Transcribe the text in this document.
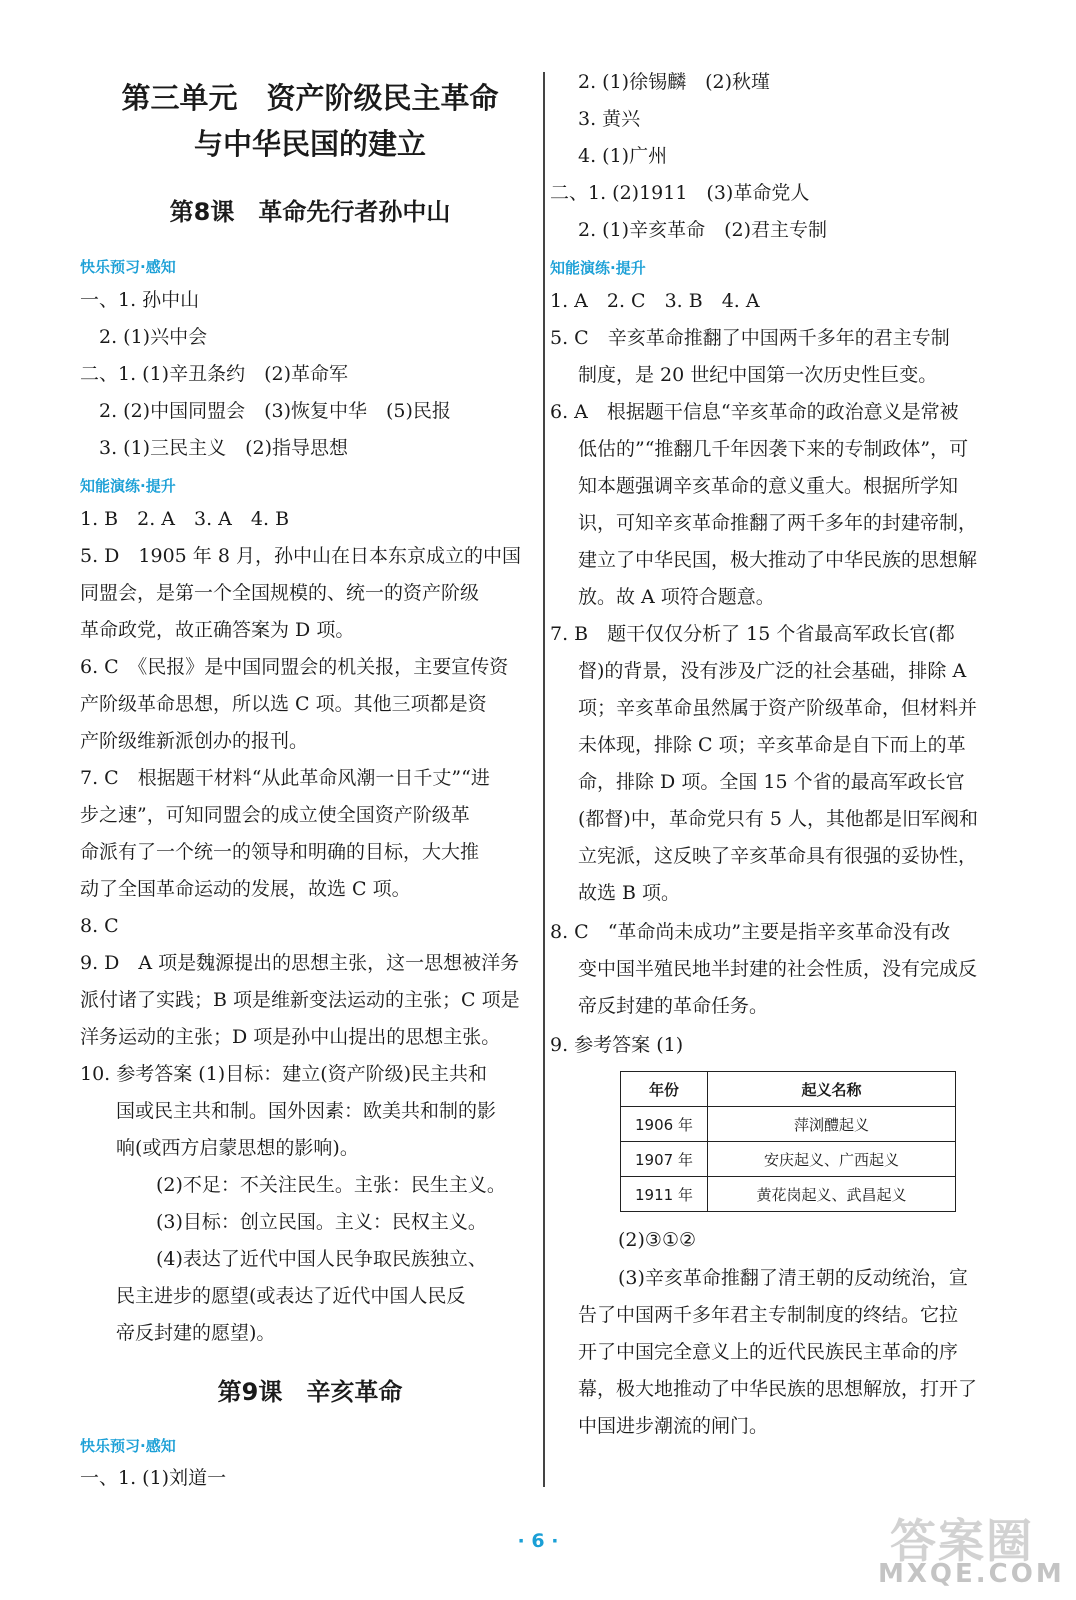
第三单元　资产阶级民主革命
与中华民国的建立
第8课　革命先行者孙中山
快乐预习·感知
一、1. 孙中山
　2. (1)兴中会
二、1. (1)辛丑条约　(2)革命军
　2. (2)中国同盟会　(3)恢复中华　(5)民报
　3. (1)三民主义　(2)指导思想
知能演练·提升
1. B　2. A　3. A　4. B
5. D　1905 年 8 月，孙中山在日本东京成立的中国
同盟会，是第一个全国规模的、统一的资产阶级
革命政党，故正确答案为 D 项。
6. C　《民报》是中国同盟会的机关报，主要宣传资
产阶级革命思想，所以选 C 项。其他三项都是资
产阶级维新派创办的报刊。
7. C　根据题干材料“从此革命风潮一日千丈”“进
步之速”，可知同盟会的成立使全国资产阶级革
命派有了一个统一的领导和明确的目标，大大推
动了全国革命运动的发展，故选 C 项。
8. C
9. D　A 项是魏源提出的思想主张，这一思想被洋务
派付诸了实践；B 项是维新变法运动的主张；C 项是
洋务运动的主张；D 项是孙中山提出的思想主张。
10. 参考答案 (1)目标：建立(资产阶级)民主共和
国或民主共和制。国外因素：欧美共和制的影
响(或西方启蒙思想的影响)。
(2)不足：不关注民生。主张：民生主义。
(3)目标：创立民国。主义：民权主义。
(4)表达了近代中国人民争取民族独立、
民主进步的愿望(或表达了近代中国人民反
帝反封建的愿望)。
第9课　辛亥革命
快乐预习·感知
一、1. (1)刘道一
2. (1)徐锡麟　(2)秋瑾
3. 黄兴
4. (1)广州
二、1. (2)1911　(3)革命党人
2. (1)辛亥革命　(2)君主专制
知能演练·提升
1. A　2. C　3. B　4. A
5. C　辛亥革命推翻了中国两千多年的君主专制
制度，是 20 世纪中国第一次历史性巨变。
6. A　根据题干信息“辛亥革命的政治意义是常被
低估的”“推翻几千年因袭下来的专制政体”，可
知本题强调辛亥革命的意义重大。根据所学知
识，可知辛亥革命推翻了两千多年的封建帝制，
建立了中华民国，极大推动了中华民族的思想解
放。故 A 项符合题意。
7. B　题干仅仅分析了 15 个省最高军政长官(都
督)的背景，没有涉及广泛的社会基础，排除 A
项；辛亥革命虽然属于资产阶级革命，但材料并
未体现，排除 C 项；辛亥革命是自下而上的革
命，排除 D 项。全国 15 个省的最高军政长官
(都督)中，革命党只有 5 人，其他都是旧军阀和
立宪派，这反映了辛亥革命具有很强的妥协性，
故选 B 项。
8. C　“革命尚未成功”主要是指辛亥革命没有改
变中国半殖民地半封建的社会性质，没有完成反
帝反封建的革命任务。
9. 参考答案 (1)
年份	起义名称
1906 年	萍浏醴起义
1907 年	安庆起义、广西起义
1911 年	黄花岗起义、武昌起义
(2)③①②
(3)辛亥革命推翻了清王朝的反动统治，宣
告了中国两千多年君主专制制度的终结。它拉
开了中国完全意义上的近代民族民主革命的序
幕，极大地推动了中华民族的思想解放，打开了
中国进步潮流的闸门。
· 6 ·	答案圈
MXQE.COM
